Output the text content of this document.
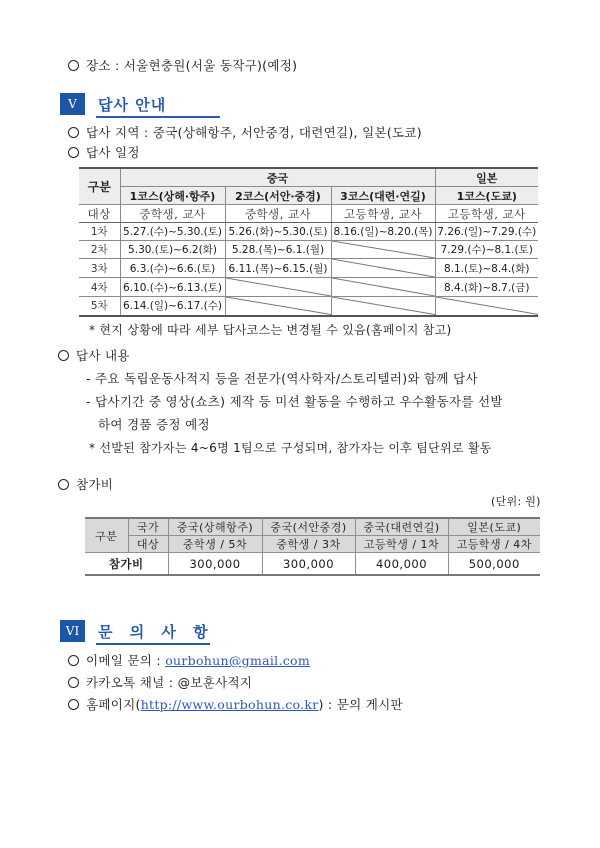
장소 : 서울현충원(서울 동작구)(예정)
V	답사 안내
답사 지역 : 중국(상해항주, 서안중경, 대련연길), 일본(도쿄)
답사 일정
구분	중국			일본
	1코스(상해·항주)	2코스(서안·중경)	3코스(대련·연길)	1코스(도쿄)
대상	중학생, 교사	중학생, 교사	고등학생, 교사	고등학생, 교사
1차	5.27.(수)~5.30.(토)	5.26.(화)~5.30.(토)	8.16.(일)~8.20.(목)	7.26.(일)~7.29.(수)
2차	5.30.(토)~6.2(화)	5.28.(목)~6.1.(월)		7.29.(수)~8.1.(토)
3차	6.3.(수)~6.6.(토)	6.11.(목)~6.15.(월)		8.1.(토)~8.4.(화)
4차	6.10.(수)~6.13.(토)			8.4.(화)~8.7.(금)
5차	6.14.(일)~6.17.(수)	

* 현지 상황에 따라 세부 답사코스는 변경될 수 있음(홈페이지 참고)
답사 내용
- 주요 독립운동사적지 등을 전문가(역사학자/스토리텔러)와 함께 답사
- 답사기간 중 영상(쇼츠) 제작 등 미션 활동을 수행하고 우수활동자를 선발
하여 경품 증정 예정
* 선발된 참가자는 4~6명 1팀으로 구성되며, 참가자는 이후 팀단위로 활동
참가비
(단위: 원)
구분	국가	중국(상해항주)	중국(서안중경)	중국(대련연길)	일본(도쿄)
	대상	중학생 / 5차	중학생 / 3차	고등학생 / 1차	고등학생 / 4차
참가비		300,000	300,000	400,000	500,000
VI	문 의 사 항
이메일 문의 : ourbohun@gmail.com
카카오톡 채널 : @보훈사적지
홈페이지(http://www.ourbohun.co.kr) : 문의 게시판
